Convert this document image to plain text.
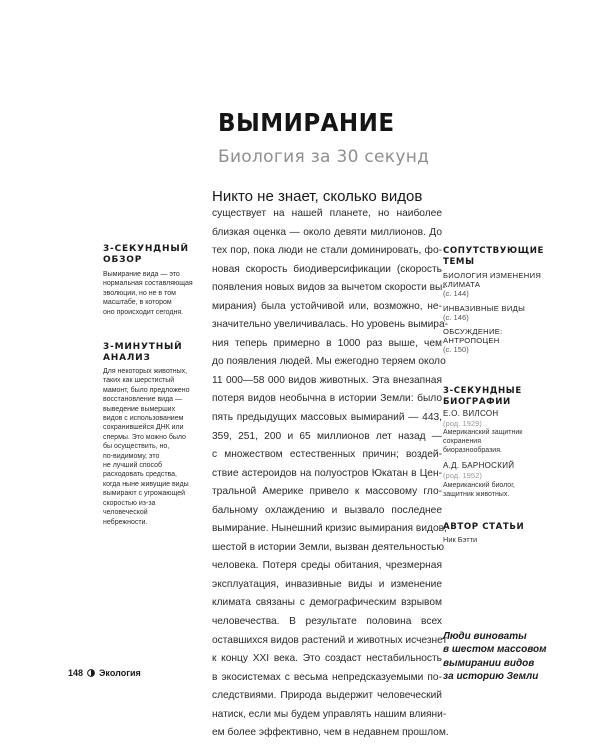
ВЫМИРАНИЕ
Биология за 30 секунд
Никто не знает, сколько видов
существует на нашей планете, но наиболее
близкая оценка — около девяти миллионов. До
тех пор, пока люди не стали доминировать, фо-
новая скорость биодиверсификации (скорость
появления новых видов за вычетом скорости вы-
мирания) была устойчивой или, возможно, не-
значительно увеличивалась. Но уровень вымира-
ния теперь примерно в 1000 раз выше, чем
до появления людей. Мы ежегодно теряем около
11 000—58 000 видов животных. Эта внезапная
потеря видов необычна в истории Земли: было
пять предыдущих массовых вымираний — 443,
359, 251, 200 и 65 миллионов лет назад —
с множеством естественных причин; воздей-
ствие астероидов на полуостров Юкатан в Цен-
тральной Америке привело к массовому гло-
бальному охлаждению и вызвало последнее
вымирание. Нынешний кризис вымирания видов,
шестой в истории Земли, вызван деятельностью
человека. Потеря среды обитания, чрезмерная
эксплуатация, инвазивные виды и изменение
климата связаны с демографическим взрывом
человечества. В результате половина всех
оставшихся видов растений и животных исчезнет
к концу XXI века. Это создаст нестабильность
в экосистемах с весьма непредсказуемыми по-
следствиями. Природа выдержит человеческий
натиск, если мы будем управлять нашим влияни-
ем более эффективно, чем в недавнем прошлом.
3-СЕКУНДНЫЙ
ОБЗОР
Вымирание вида — это
нормальная составляющая
эволюции, но не в том
масштабе, в котором
оно происходит сегодня.
3-МИНУТНЫЙ
АНАЛИЗ
Для некоторых животных,
таких как шерстистый
мамонт, было предложено
восстановление вида —
выведение вымерших
видов с использованием
сохранившейся ДНК или
спермы. Это можно было
бы осуществить, но,
по-видимому, это
не лучший способ
расходовать средства,
когда ныне живущие виды
вымирают с угрожающей
скоростью из-за
человеческой
небрежности.
СОПУТСТВУЮЩИЕ
ТЕМЫ
БИОЛОГИЯ ИЗМЕНЕНИЯ
КЛИМАТА
(с. 144)
ИНВАЗИВНЫЕ ВИДЫ
(с. 146)
ОБСУЖДЕНИЕ:
АНТРОПОЦЕН
(с. 150)
3-СЕКУНДНЫЕ
БИОГРАФИИ
Е.О. ВИЛСОН
(род. 1929)
Американский защитник
сохранения
биоразнообразия.
А.Д. БАРНОСКИЙ
(род. 1952)
Американский биолог,
защитник животных.
АВТОР СТАТЬИ
Ник Бэтти
Люди виноваты
в шестом массовом
вымирании видов
за историю Земли
148 Экология
